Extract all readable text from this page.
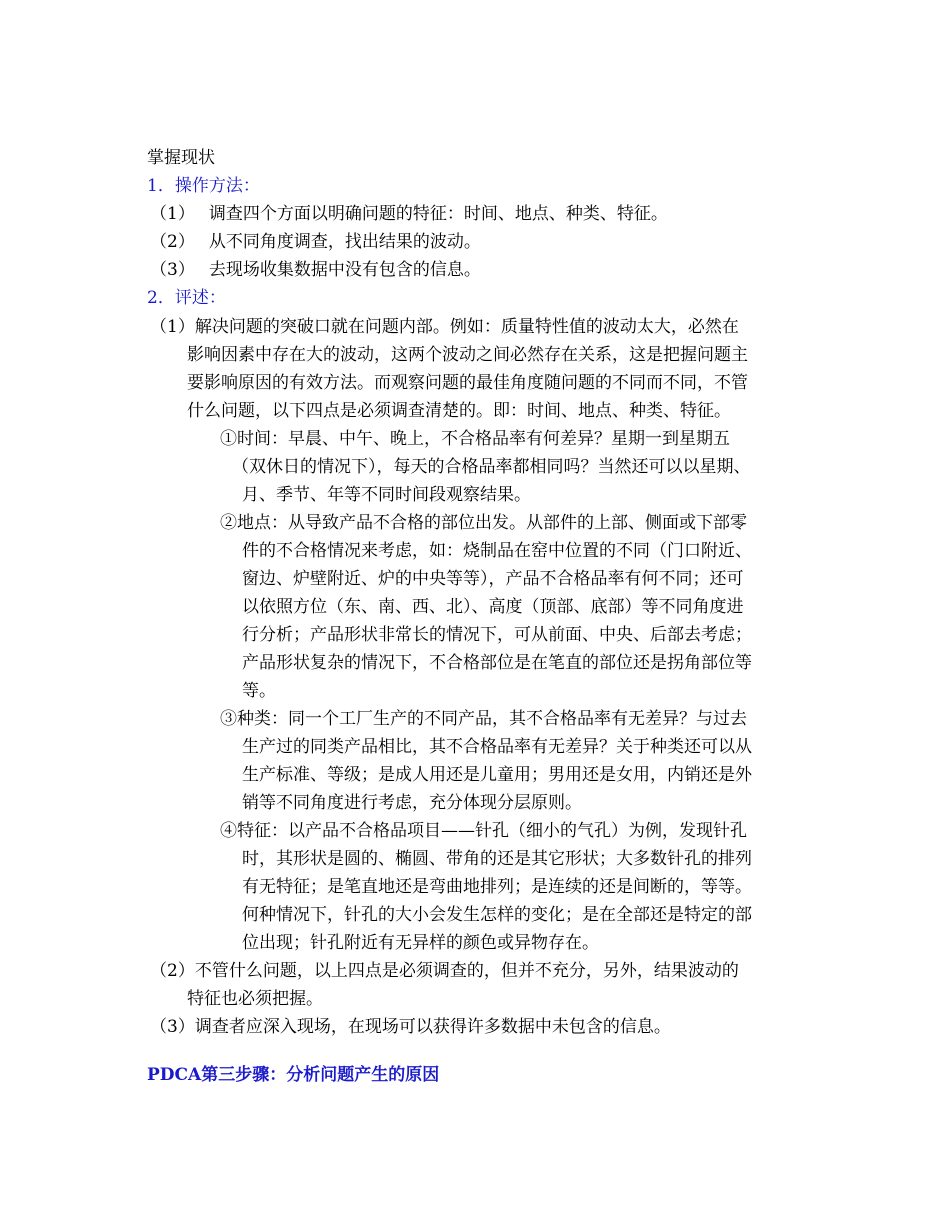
掌握现状
1．操作方法：
（1） 调查四个方面以明确问题的特征：时间、地点、种类、特征。
（2） 从不同角度调查，找出结果的波动。
（3） 去现场收集数据中没有包含的信息。
2．评述：
（1）解决问题的突破口就在问题内部。例如：质量特性值的波动太大，必然在
影响因素中存在大的波动，这两个波动之间必然存在关系，这是把握问题主
要影响原因的有效方法。而观察问题的最佳角度随问题的不同而不同，不管
什么问题，以下四点是必须调查清楚的。即：时间、地点、种类、特征。
①时间：早晨、中午、晚上，不合格品率有何差异？星期一到星期五
（双休日的情况下），每天的合格品率都相同吗？当然还可以以星期、
月、季节、年等不同时间段观察结果。
②地点：从导致产品不合格的部位出发。从部件的上部、侧面或下部零
件的不合格情况来考虑，如：烧制品在窑中位置的不同（门口附近、
窗边、炉壁附近、炉的中央等等），产品不合格品率有何不同；还可
以依照方位（东、南、西、北）、高度（顶部、底部）等不同角度进
行分析；产品形状非常长的情况下，可从前面、中央、后部去考虑；
产品形状复杂的情况下，不合格部位是在笔直的部位还是拐角部位等
等。
③种类：同一个工厂生产的不同产品，其不合格品率有无差异？与过去
生产过的同类产品相比，其不合格品率有无差异？关于种类还可以从
生产标准、等级；是成人用还是儿童用；男用还是女用，内销还是外
销等不同角度进行考虑，充分体现分层原则。
④特征：以产品不合格品项目——针孔（细小的气孔）为例，发现针孔
时，其形状是圆的、椭圆、带角的还是其它形状；大多数针孔的排列
有无特征；是笔直地还是弯曲地排列；是连续的还是间断的，等等。
何种情况下，针孔的大小会发生怎样的变化；是在全部还是特定的部
位出现；针孔附近有无异样的颜色或异物存在。
（2）不管什么问题，以上四点是必须调查的，但并不充分，另外，结果波动的
特征也必须把握。
（3）调查者应深入现场，在现场可以获得许多数据中未包含的信息。
PDCA第三步骤：分析问题产生的原因
